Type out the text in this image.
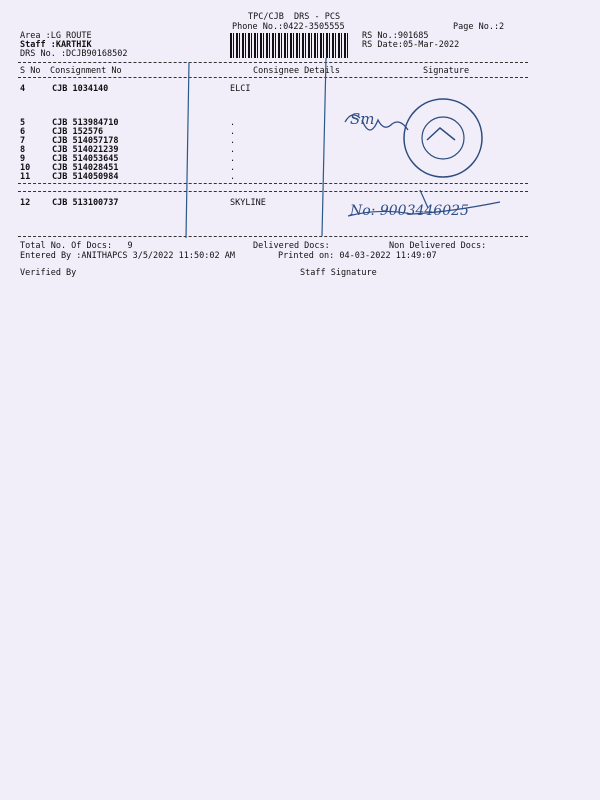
TPC/CJB  DRS - PCS
Phone No.:0422-3505555	Page No.:2
Area :LG ROUTE
Staff :KARTHIK
DRS No. :DCJB90168502
RS No.:901685
RS Date:05-Mar-2022
S No Consignment No	Consignee Details	Signature
4	CJB 1034140	ELCI
5	CJB 513984710	.
6	CJB 152576	.
7	CJB 514057178	.
8	CJB 514021239	.
9	CJB 514053645	.
10	CJB 514028451	.
11	CJB 514050984	.
12	CJB 513100737	SKYLINE
Total No. Of Docs:   9	Delivered Docs:	Non Delivered Docs:
Entered By :ANITHAPCS 3/5/2022 11:50:02 AM	Printed on: 04-03-2022 11:49:07
Verified By	Staff Signature
Sm
No: 9003446025
